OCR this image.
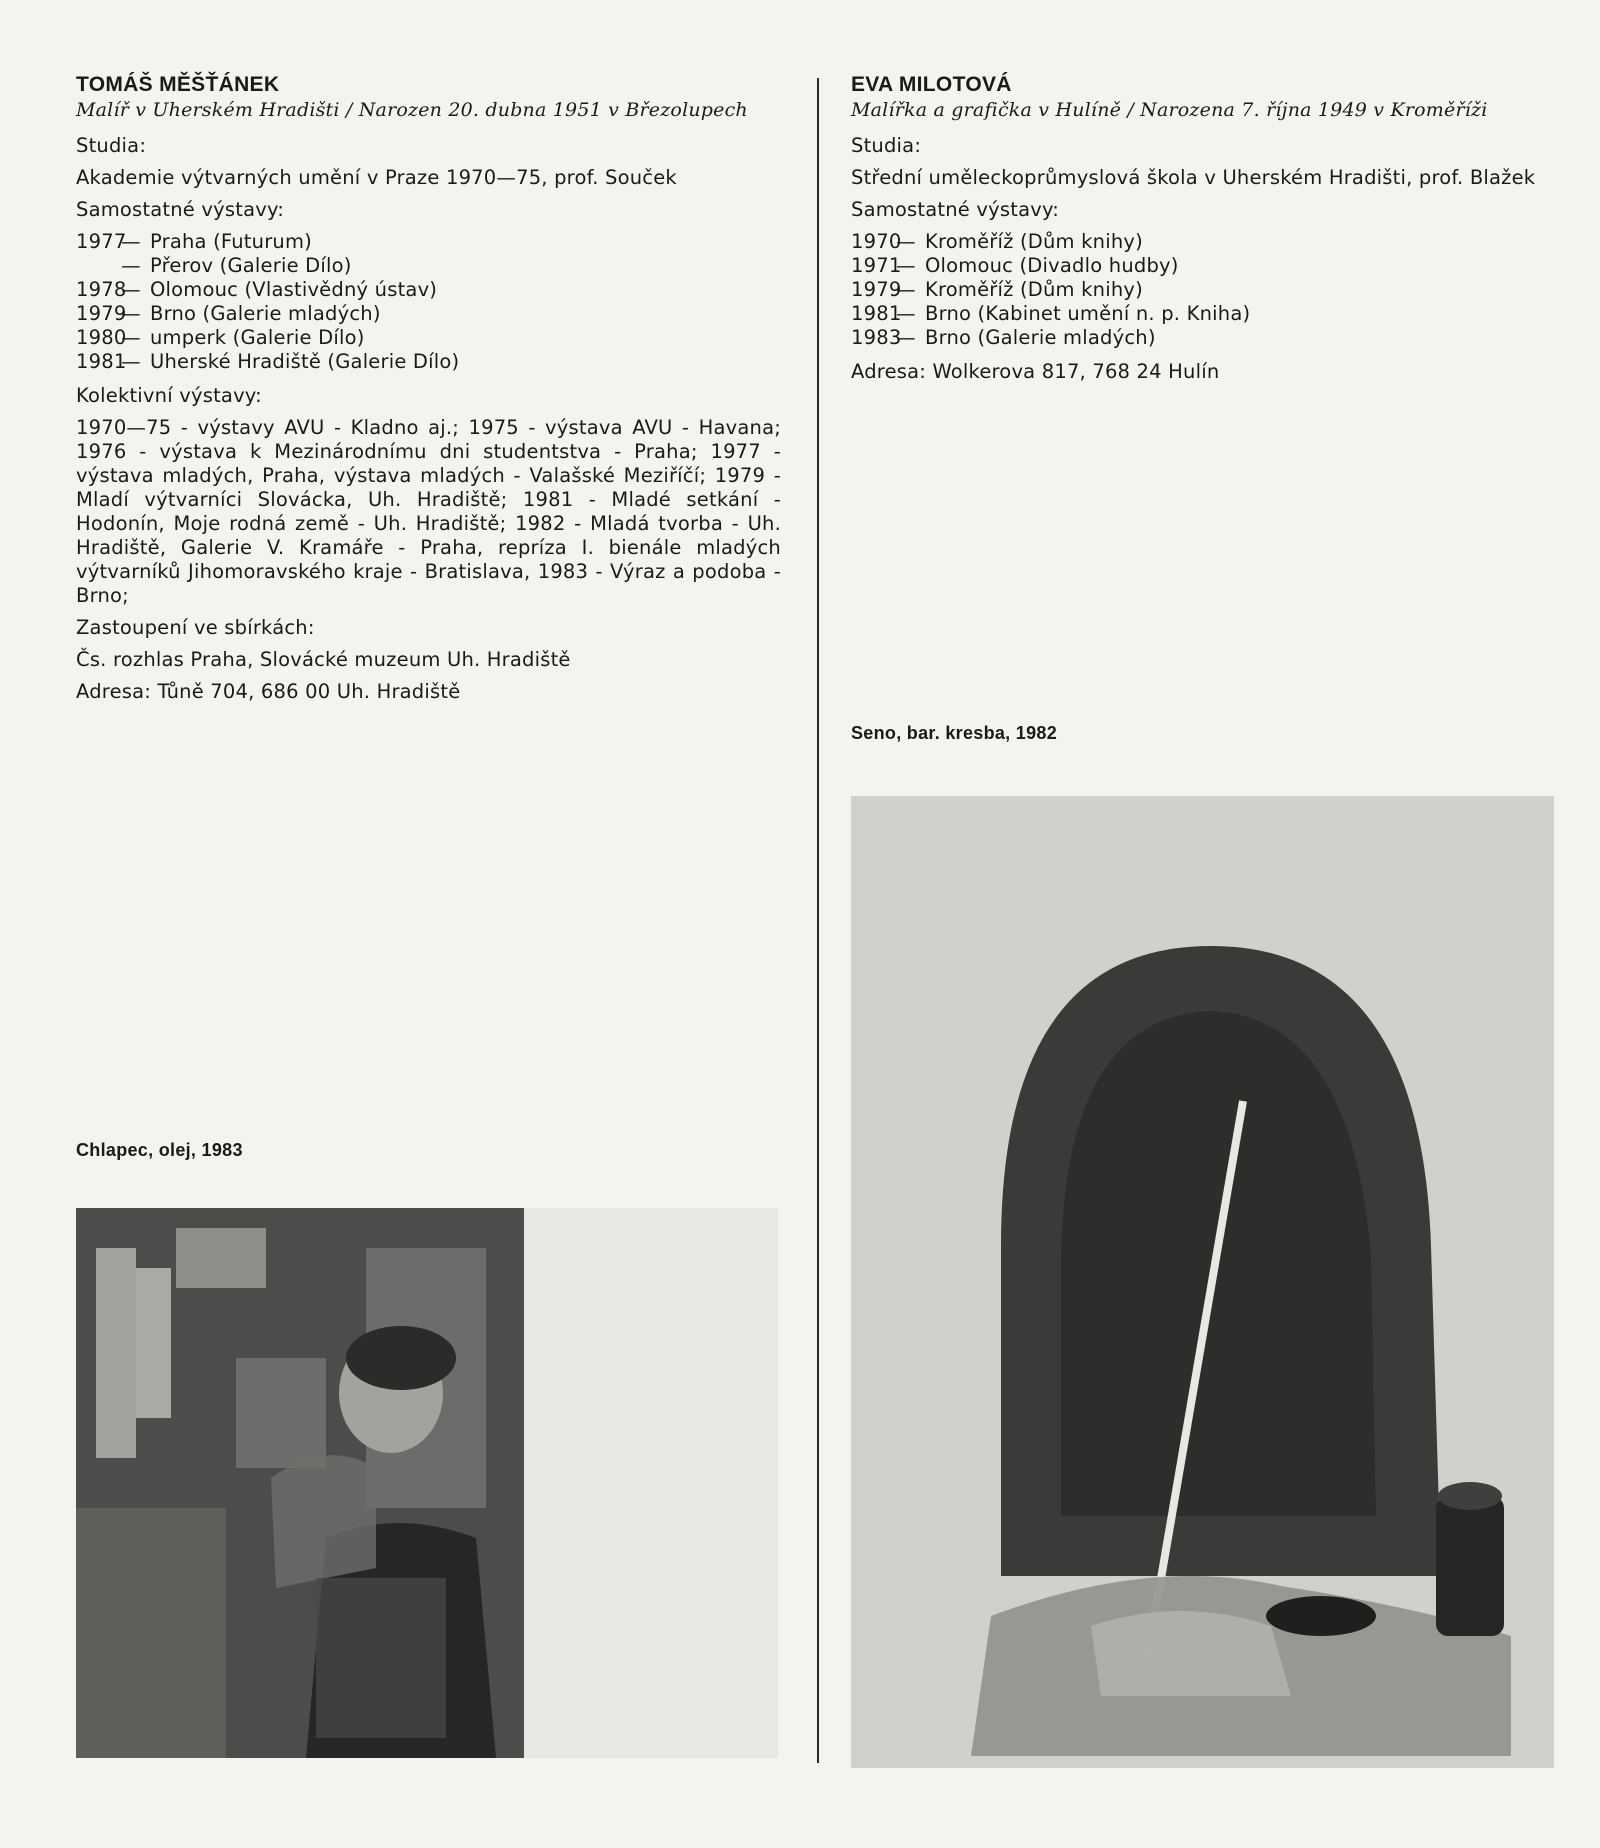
TOMÁŠ MĚŠŤÁNEK

Malíř v Uherském Hradišti / Narozen 20. dubna 1951 v Březolupech

Studia:
Akademie výtvarných umění v Praze 1970—75, prof. Souček
Samostatné výstavy:
1977
— Praha (Futurum)
— Přerov (Galerie Dílo)
1978
— Olomouc (Vlastivědný ústav)
1979
— Brno (Galerie mladých)
1980
— umperk (Galerie Dílo)
1981
— Uherské Hradiště (Galerie Dílo)
Kolektivní výstavy:
1970—75 - výstavy AVU - Kladno aj.; 1975 - výstava AVU - Havana; 1976 - výstava k Mezinárodnímu dni studentstva - Praha; 1977 - výstava mladých, Praha, výstava mladých - Valašské Meziříčí; 1979 - Mladí výtvarníci Slovácka, Uh. Hradiště; 1981 - Mladé setkání - Hodonín, Moje rodná země - Uh. Hradiště; 1982 - Mladá tvorba - Uh. Hradiště, Galerie V. Kramáře - Praha, repríza I. bienále mladých výtvarníků Jihomoravského kraje - Bratislava, 1983 - Výraz a podoba - Brno;
Zastoupení ve sbírkách:
Čs. rozhlas Praha, Slovácké muzeum Uh. Hradiště
Adresa: Tůně 704, 686 00 Uh. Hradiště
Chlapec, olej, 1983

EVA MILOTOVÁ

Malířka a grafička v Hulíně / Narozena 7. října 1949 v Kroměříži

Studia:
Střední uměleckoprůmyslová škola v Uherském Hradišti, prof. Blažek
Samostatné výstavy:
1970
— Kroměříž (Dům knihy)
1971
— Olomouc (Divadlo hudby)
1979
— Kroměříž (Dům knihy)
1981
— Brno (Kabinet umění n. p. Kniha)
1983
— Brno (Galerie mladých)
Adresa: Wolkerova 817, 768 24 Hulín
Seno, bar. kresba, 1982
